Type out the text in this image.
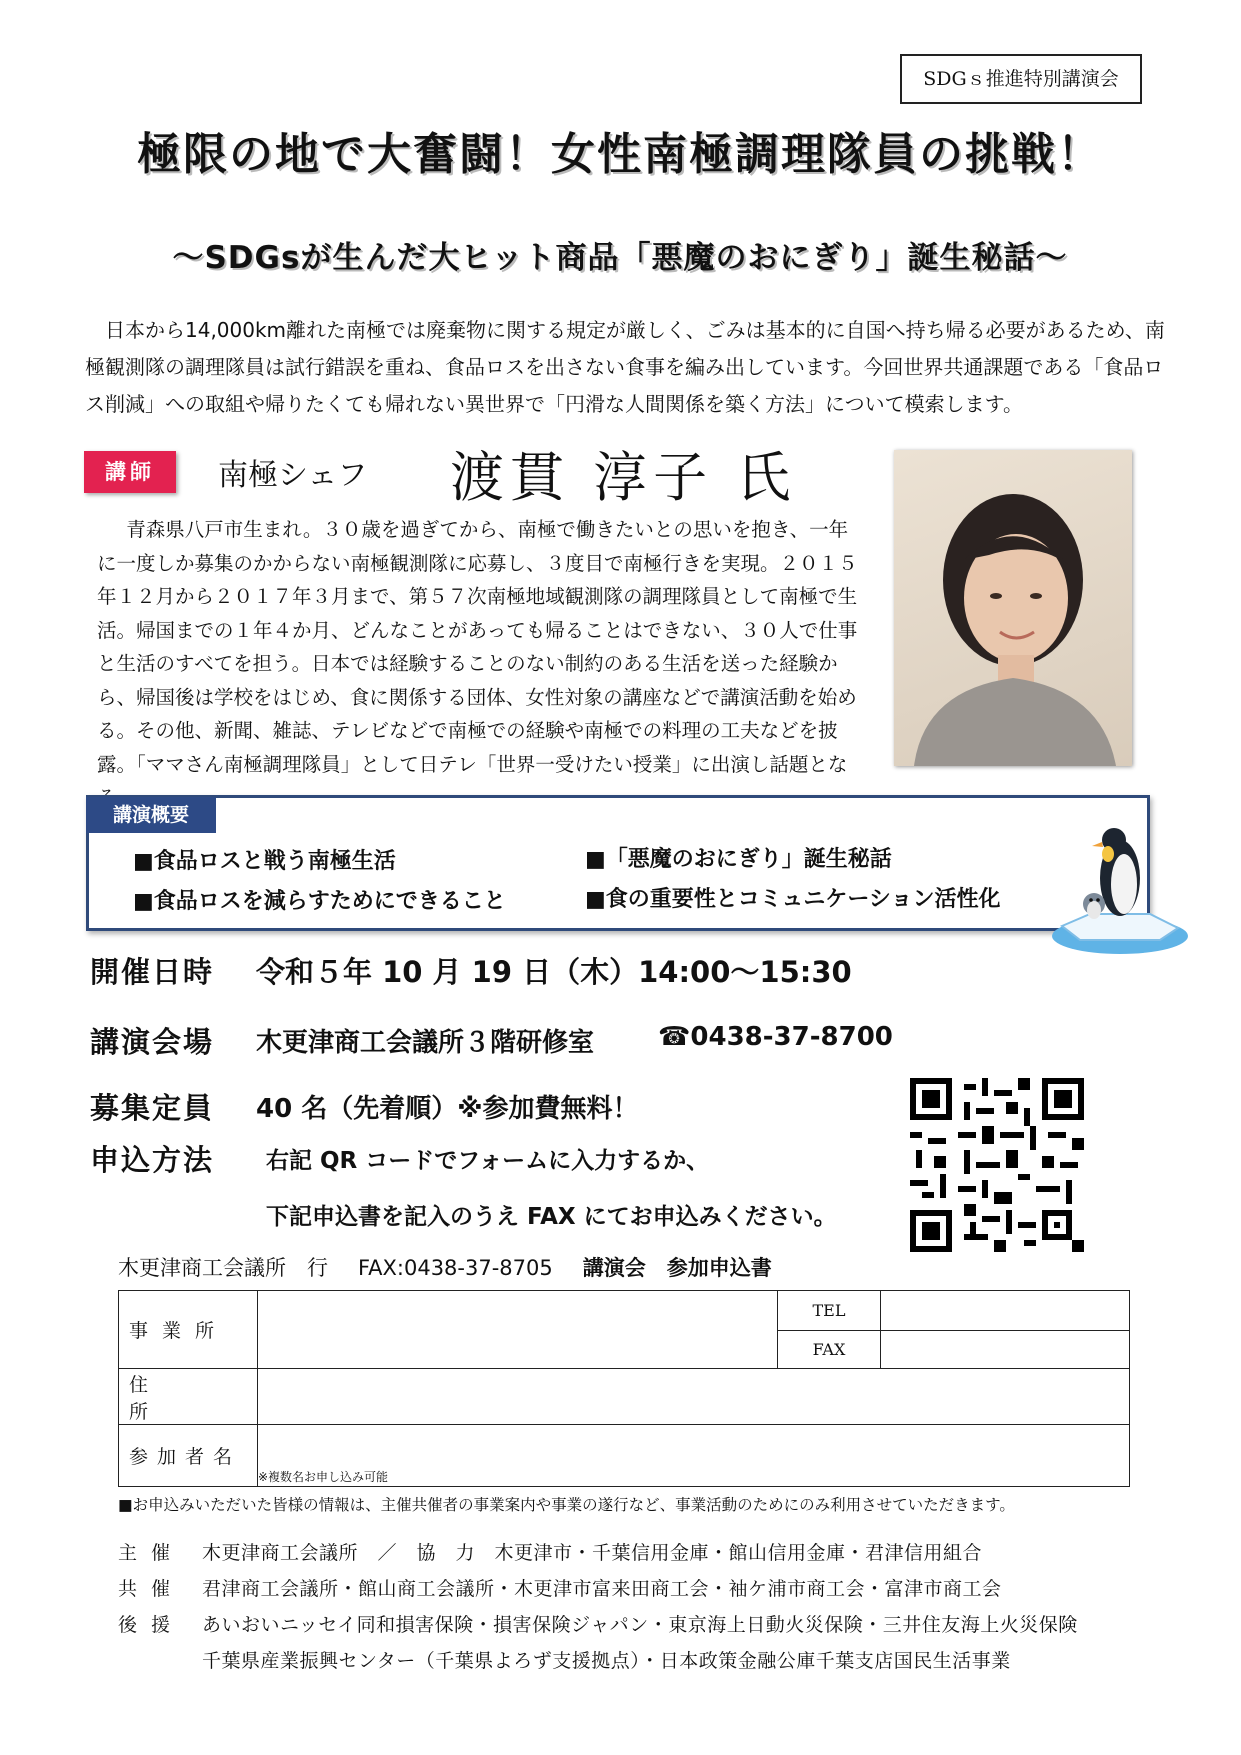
SDGｓ推進特別講演会
極限の地で大奮闘！女性南極調理隊員の挑戦！
～SDGsが生んだ大ヒット商品「悪魔のおにぎり」誕生秘話～
日本から14,000km離れた南極では廃棄物に関する規定が厳しく、ごみは基本的に自国へ持ち帰る必要があるため、南極観測隊の調理隊員は試行錯誤を重ね、食品ロスを出さない食事を編み出しています。今回世界共通課題である「食品ロス削減」への取組や帰りたくても帰れない異世界で「円滑な人間関係を築く方法」について模索します。
講師	南極シェフ 渡貫 淳子 氏
青森県八戸市生まれ。３０歳を過ぎてから、南極で働きたいとの思いを抱き、一年に一度しか募集のかからない南極観測隊に応募し、３度目で南極行きを実現。２０１５年１２月から２０１７年３月まで、第５７次南極地域観測隊の調理隊員として南極で生活。帰国までの１年４か月、どんなことがあっても帰ることはできない、３０人で仕事と生活のすべてを担う。日本では経験することのない制約のある生活を送った経験から、帰国後は学校をはじめ、食に関係する団体、女性対象の講座などで講演活動を始める。その他、新聞、雑誌、テレビなどで南極での経験や南極での料理の工夫などを披露。「ママさん南極調理隊員」として日テレ「世界一受けたい授業」に出演し話題とな
講演概要
■食品ロスと戦う南極生活	■「悪魔のおにぎり」誕生秘話
■食品ロスを減らすためにできること	■食の重要性とコミュニケーション活性化
開催日時 令和５年 10 月 19 日（木）14:00～15:30
講演会場 木更津商工会議所３階研修室 ☎0438-37-8700
募集定員 40 名（先着順）※参加費無料！
申込方法 右記 QR コードでフォームに入力するか、
下記申込書を記入のうえ FAX にてお申込みください。
木更津商工会議所　行 FAX:0438-37-8705 講演会　参加申込書
事業所		TEL	
		FAX	
住所			
参加者名	※複数名お申し込み可能		
■お申込みいただいた皆様の情報は、主催共催者の事業案内や事業の遂行など、事業活動のためにのみ利用させていただきます。
主催 木更津商工会議所　／　協　力　木更津市・千葉信用金庫・館山信用金庫・君津信用組合
共催 君津商工会議所・館山商工会議所・木更津市富来田商工会・袖ケ浦市商工会・富津市商工会
後援 あいおいニッセイ同和損害保険・損害保険ジャパン・東京海上日動火災保険・三井住友海上火災保険
千葉県産業振興センター（千葉県よろず支援拠点）・日本政策金融公庫千葉支店国民生活事業
